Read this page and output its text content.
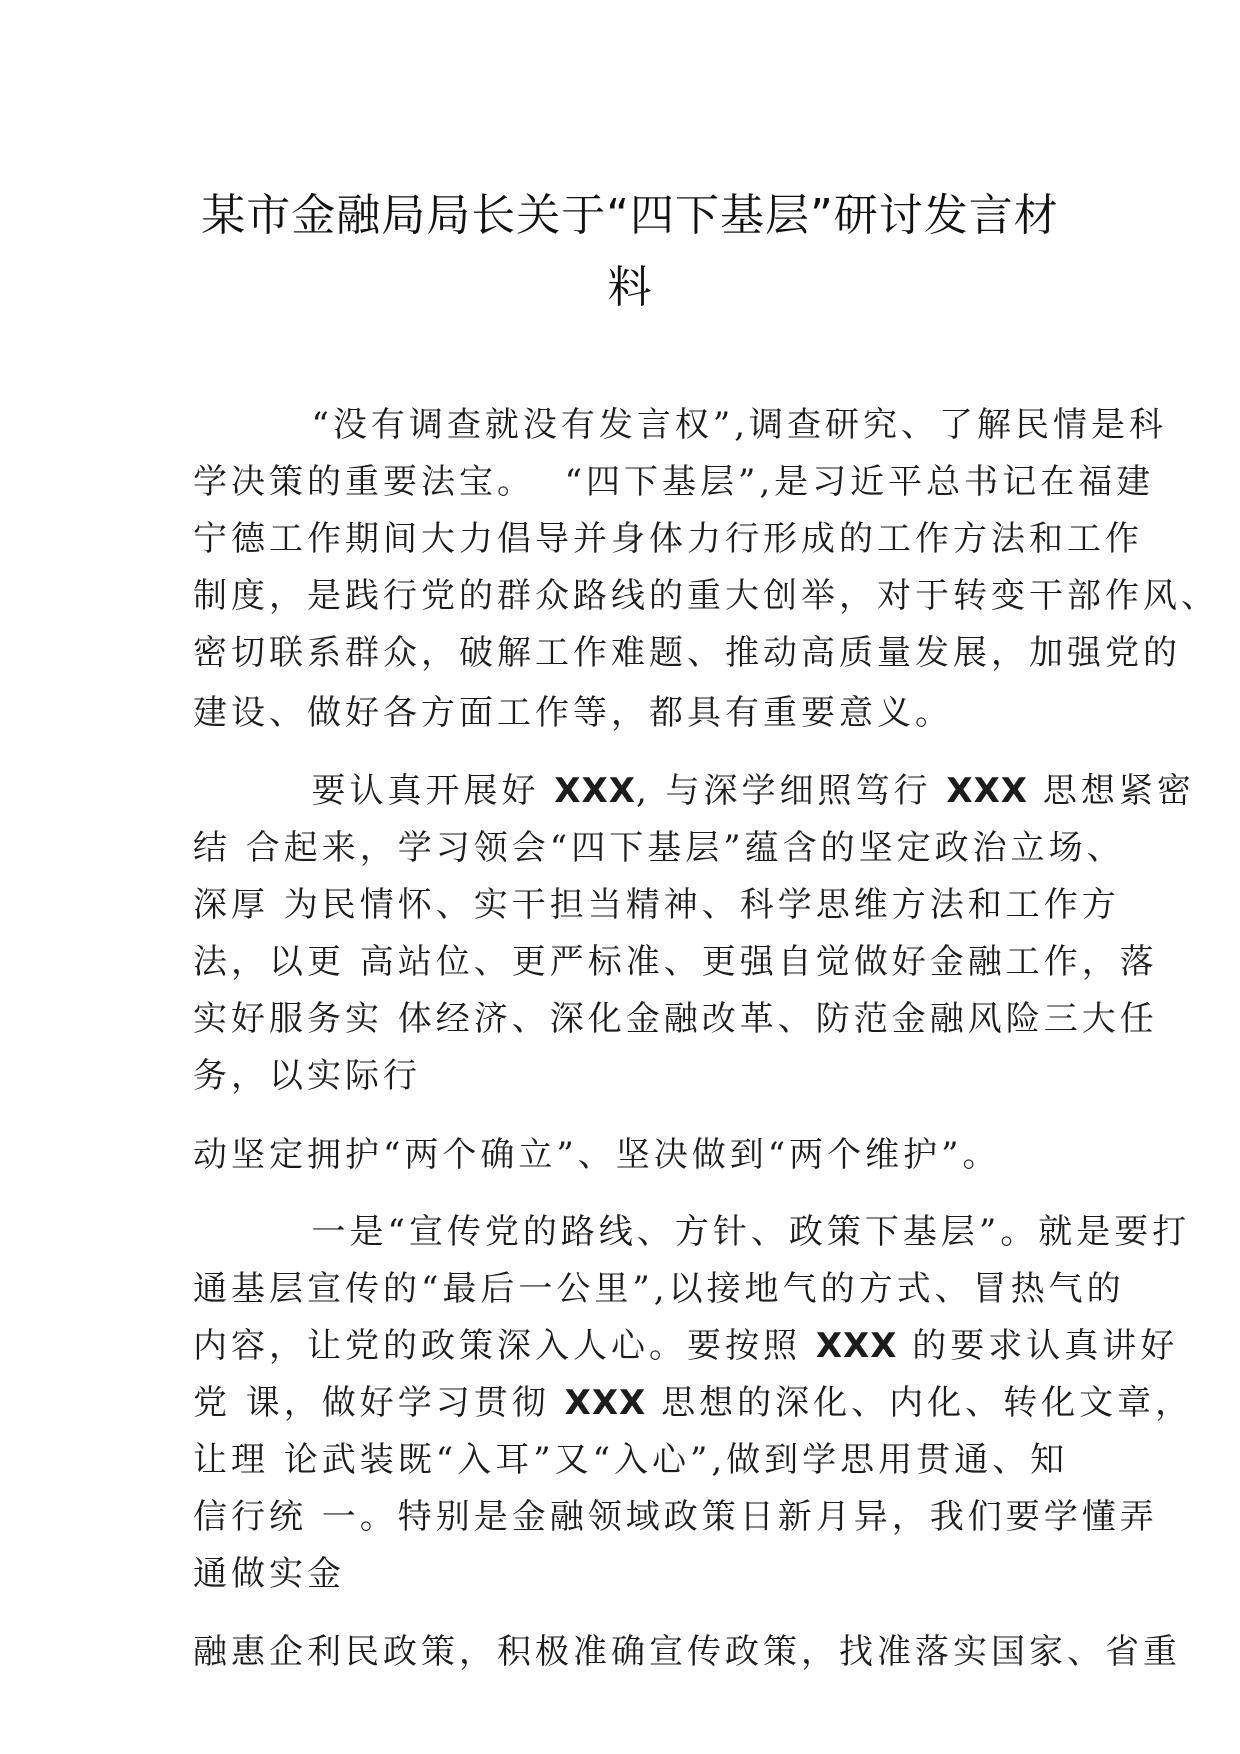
某市金融局局长关于“四下基层”研讨发言材料
“没有调查就没有发言权”,调查研究、了解民情是科
学决策的重要法宝。  “四下基层”,是习近平总书记在福建
宁德工作期间大力倡导并身体力行形成的工作方法和工作
制度，是践行党的群众路线的重大创举，对于转变干部作风、
密切联系群众，破解工作难题、推动高质量发展，加强党的
建设、做好各方面工作等，都具有重要意义。
要认真开展好 XXX, 与深学细照笃行 XXX 思想紧密
结 合起来，学习领会“四下基层”蕴含的坚定政治立场、
深厚 为民情怀、实干担当精神、科学思维方法和工作方
法，以更 高站位、更严标准、更强自觉做好金融工作，落
实好服务实 体经济、深化金融改革、防范金融风险三大任
务，以实际行
动坚定拥护“两个确立”、坚决做到“两个维护”。
一是“宣传党的路线、方针、政策下基层”。就是要打
通基层宣传的“最后一公里”,以接地气的方式、冒热气的
内容，让党的政策深入人心。要按照 XXX 的要求认真讲好
党 课，做好学习贯彻 XXX 思想的深化、内化、转化文章，
让理 论武装既“入耳”又“入心”,做到学思用贯通、知
信行统 一。特别是金融领域政策日新月异，我们要学懂弄
通做实金
融惠企利民政策，积极准确宣传政策，找准落实国家、省重
